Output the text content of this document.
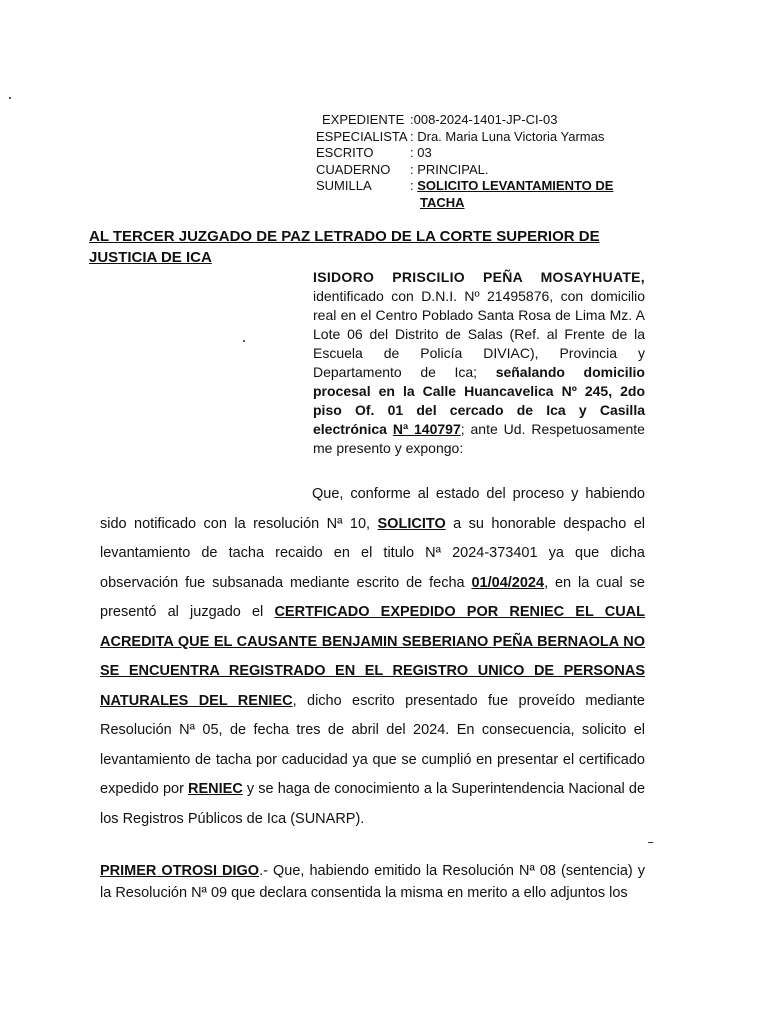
EXPEDIENTE :008-2024-1401-JP-CI-03
ESPECIALISTA : Dra. Maria Luna Victoria Yarmas
ESCRITO	: 03
CUADERNO	: PRINCIPAL.
SUMILLA	: SOLICITO LEVANTAMIENTO DE
TACHA
AL TERCER JUZGADO DE PAZ LETRADO DE LA CORTE SUPERIOR DE JUSTICIA DE ICA
ISIDORO PRISCILIO PEÑA MOSAYHUATE, identificado con D.N.I. Nº 21495876, con domicilio real en el Centro Poblado Santa Rosa de Lima Mz. A Lote 06 del Distrito de Salas (Ref. al Frente de la Escuela de Policía DIVIAC), Provincia y Departamento de Ica; señalando domicilio procesal en la Calle Huancavelica Nº 245, 2do piso Of. 01 del cercado de Ica y Casilla electrónica Nª 140797; ante Ud. Respetuosamente me presento y expongo:
Que, conforme al estado del proceso y habiendo sido notificado con la resolución Nª 10, SOLICITO a su honorable despacho el levantamiento de tacha recaido en el titulo Nª 2024-373401 ya que dicha observación fue subsanada mediante escrito de fecha 01/04/2024, en la cual se presentó al juzgado el CERTFICADO EXPEDIDO POR RENIEC EL CUAL ACREDITA QUE EL CAUSANTE BENJAMIN SEBERIANO PEÑA BERNAOLA NO SE ENCUENTRA REGISTRADO EN EL REGISTRO UNICO DE PERSONAS NATURALES DEL RENIEC, dicho escrito presentado fue proveído mediante Resolución Nª 05, de fecha tres de abril del 2024. En consecuencia, solicito el levantamiento de tacha por caducidad ya que se cumplió en presentar el certificado expedido por RENIEC y se haga de conocimiento a la Superintendencia Nacional de los Registros Públicos de Ica (SUNARP).
PRIMER OTROSI DIGO.- Que, habiendo emitido la Resolución Nª 08 (sentencia) y la Resolución Nª 09 que declara consentida la misma en merito a ello adjuntos los
